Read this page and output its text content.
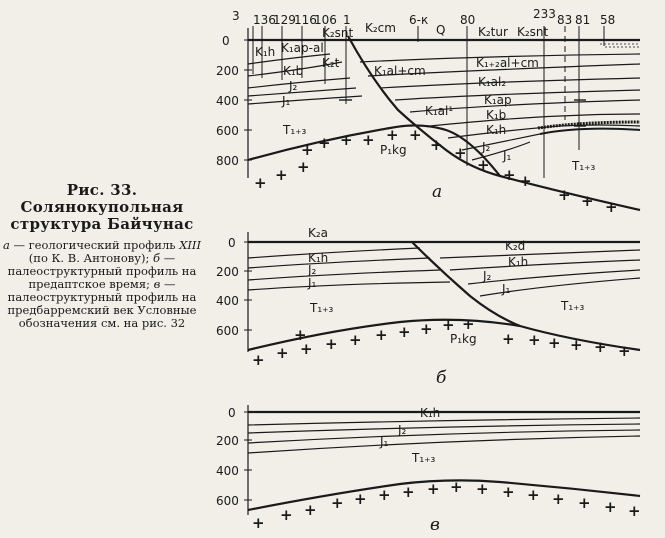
0
200
400
600
800
3 136
129
116
106 1	6-к	80	233 83 81 58
K₂snt K₂cm	Q	K₂tur K₂snt
K₁h K₁ap-al
K₁b
K₂t
J₂
J₁
K₁al+cm
K₁₊₂al+cm
K₁al₂
K₁al¹
K₁ap
K₁b
K₁h
J₂
J₁
T₁₊₃
P₁kg
T₁₊₃
+ + +
+ + + + +
+ +
+
+ +
+ + +
+
а
0
200
400
600
K₂a
K₂d
K₁h	K₁h
J₂	J₂
J₁	J₁
T₁₊₃
P₁kg
T₁₊₃
+ + + + + + + + + +
+ + + + + +
+
б
0
200
400
600
K₁h
J₂
J₁
T₁₊₃
+ + + + + + + + + + + + + + + +
в
Рис. 33. Солянокупольная структура Байчунас
а — геологический профиль XIII (по К. В. Антонову); б — палеоструктурный профиль на предаптское время; в — палеоструктурный профиль на предбарремский век Условные обозначения см. на рис. 32
